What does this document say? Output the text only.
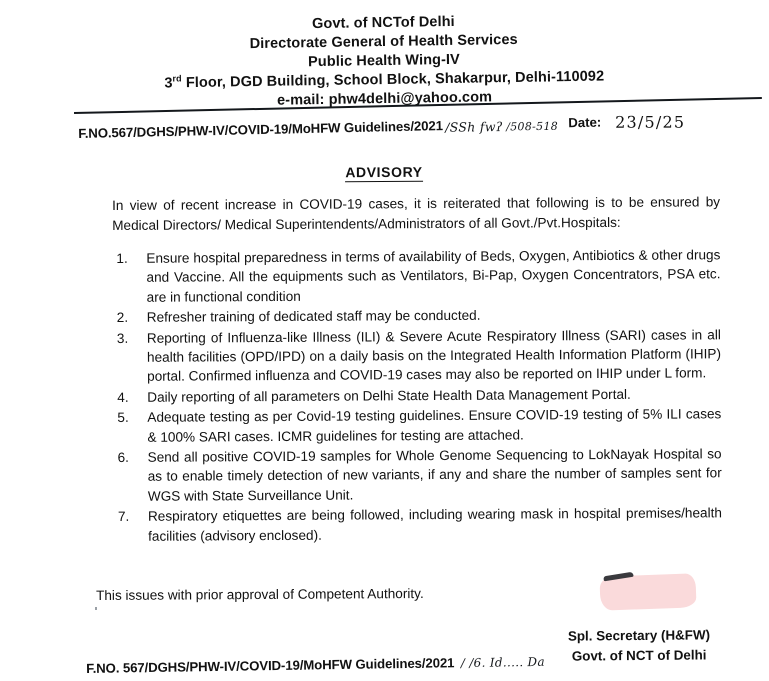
Govt. of NCTof Delhi
Directorate General of Health Services
Public Health Wing-IV
3rd Floor, DGD Building, School Block, Shakarpur, Delhi-110092
e-mail: phw4delhi@yahoo.com
F.NO.567/DGHS/PHW-IV/COVID-19/MoHFW Guidelines/2021 /SSh fwʔ /508-518 Date: 23/5/25
ADVISORY

In view of recent increase in COVID-19 cases, it is reiterated that following is to be ensured by Medical Directors/ Medical Superintendents/Administrators of all Govt./Pvt.Hospitals:

1.	Ensure hospital preparedness in terms of availability of Beds, Oxygen, Antibiotics & other drugs and Vaccine. All the equipments such as Ventilators, Bi-Pap, Oxygen Concentrators, PSA etc. are in functional condition
2.	Refresher training of dedicated staff may be conducted.
3.	Reporting of Influenza-like Illness (ILI) & Severe Acute Respiratory Illness (SARI) cases in all health facilities (OPD/IPD) on a daily basis on the Integrated Health Information Platform (IHIP) portal. Confirmed influenza and COVID-19 cases may also be reported on IHIP under L form.
4.	Daily reporting of all parameters on Delhi State Health Data Management Portal.
5.	Adequate testing as per Covid-19 testing guidelines. Ensure COVID-19 testing of 5% ILI cases & 100% SARI cases. ICMR guidelines for testing are attached.
6.	Send all positive COVID-19 samples for Whole Genome Sequencing to LokNayak Hospital so as to enable timely detection of new variants, if any and share the number of samples sent for WGS with State Surveillance Unit.
7.	Respiratory etiquettes are being followed, including wearing mask in hospital premises/health facilities (advisory enclosed).
This issues with prior approval of Competent Authority.
Spl. Secretary (H&FW)
Govt. of NCT of Delhi
F.NO. 567/DGHS/PHW-IV/COVID-19/MoHFW Guidelines/2021 / /6. Id..... Da
